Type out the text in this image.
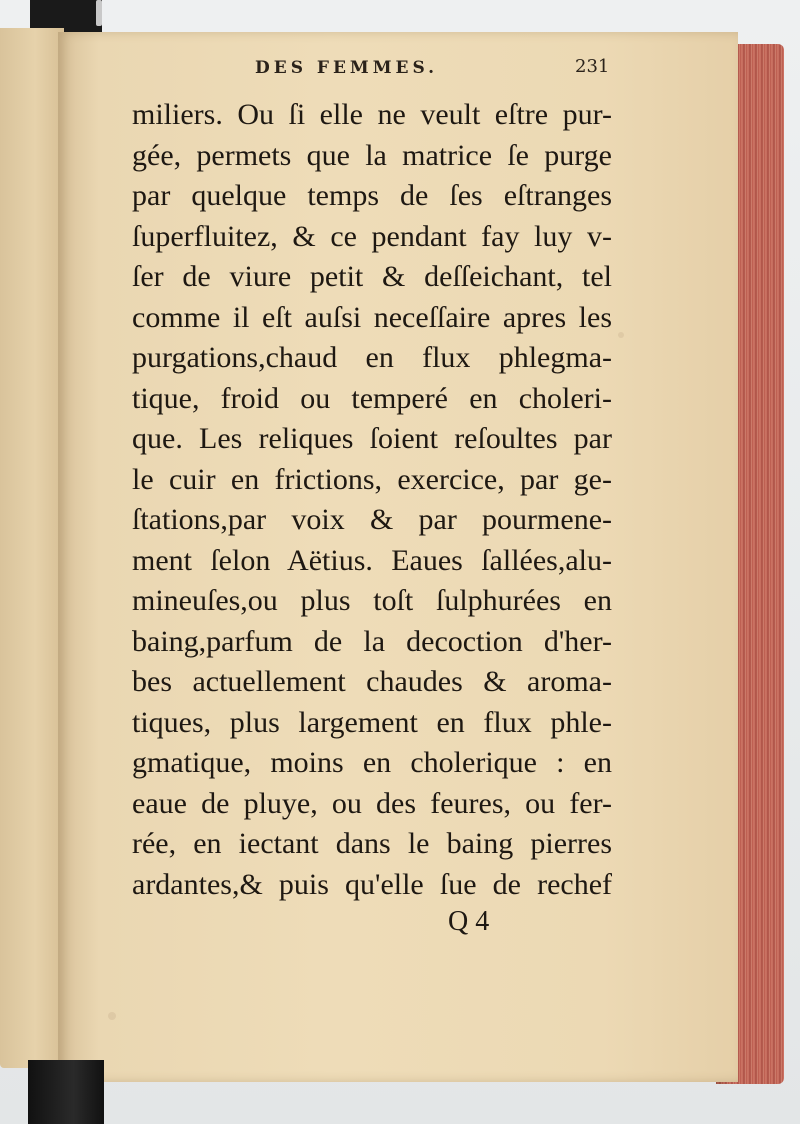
DES FEMMES.	231
miliers. Ou ſi elle ne veult eſtre pur-
gée, permets que la matrice ſe purge
par quelque temps de ſes eſtranges
ſuperfluitez, & ce pendant fay luy v-
ſer de viure petit & deſſeichant, tel
comme il eſt auſsi neceſſaire apres les
purgations,chaud en flux phlegma-
tique, froid ou temperé en choleri-
que. Les reliques ſoient reſoultes par
le cuir en frictions, exercice, par ge-
ſtations,par voix & par pourmene-
ment ſelon Aëtius. Eaues ſallées,alu-
mineuſes,ou plus toſt ſulphurées en
baing,parfum de la decoction d'her-
bes actuellement chaudes & aroma-
tiques, plus largement en flux phle-
gmatique, moins en cholerique : en
eaue de pluye, ou des feures, ou fer-
rée, en iectant dans le baing pierres
ardantes,& puis qu'elle ſue de rechef
Q 4
